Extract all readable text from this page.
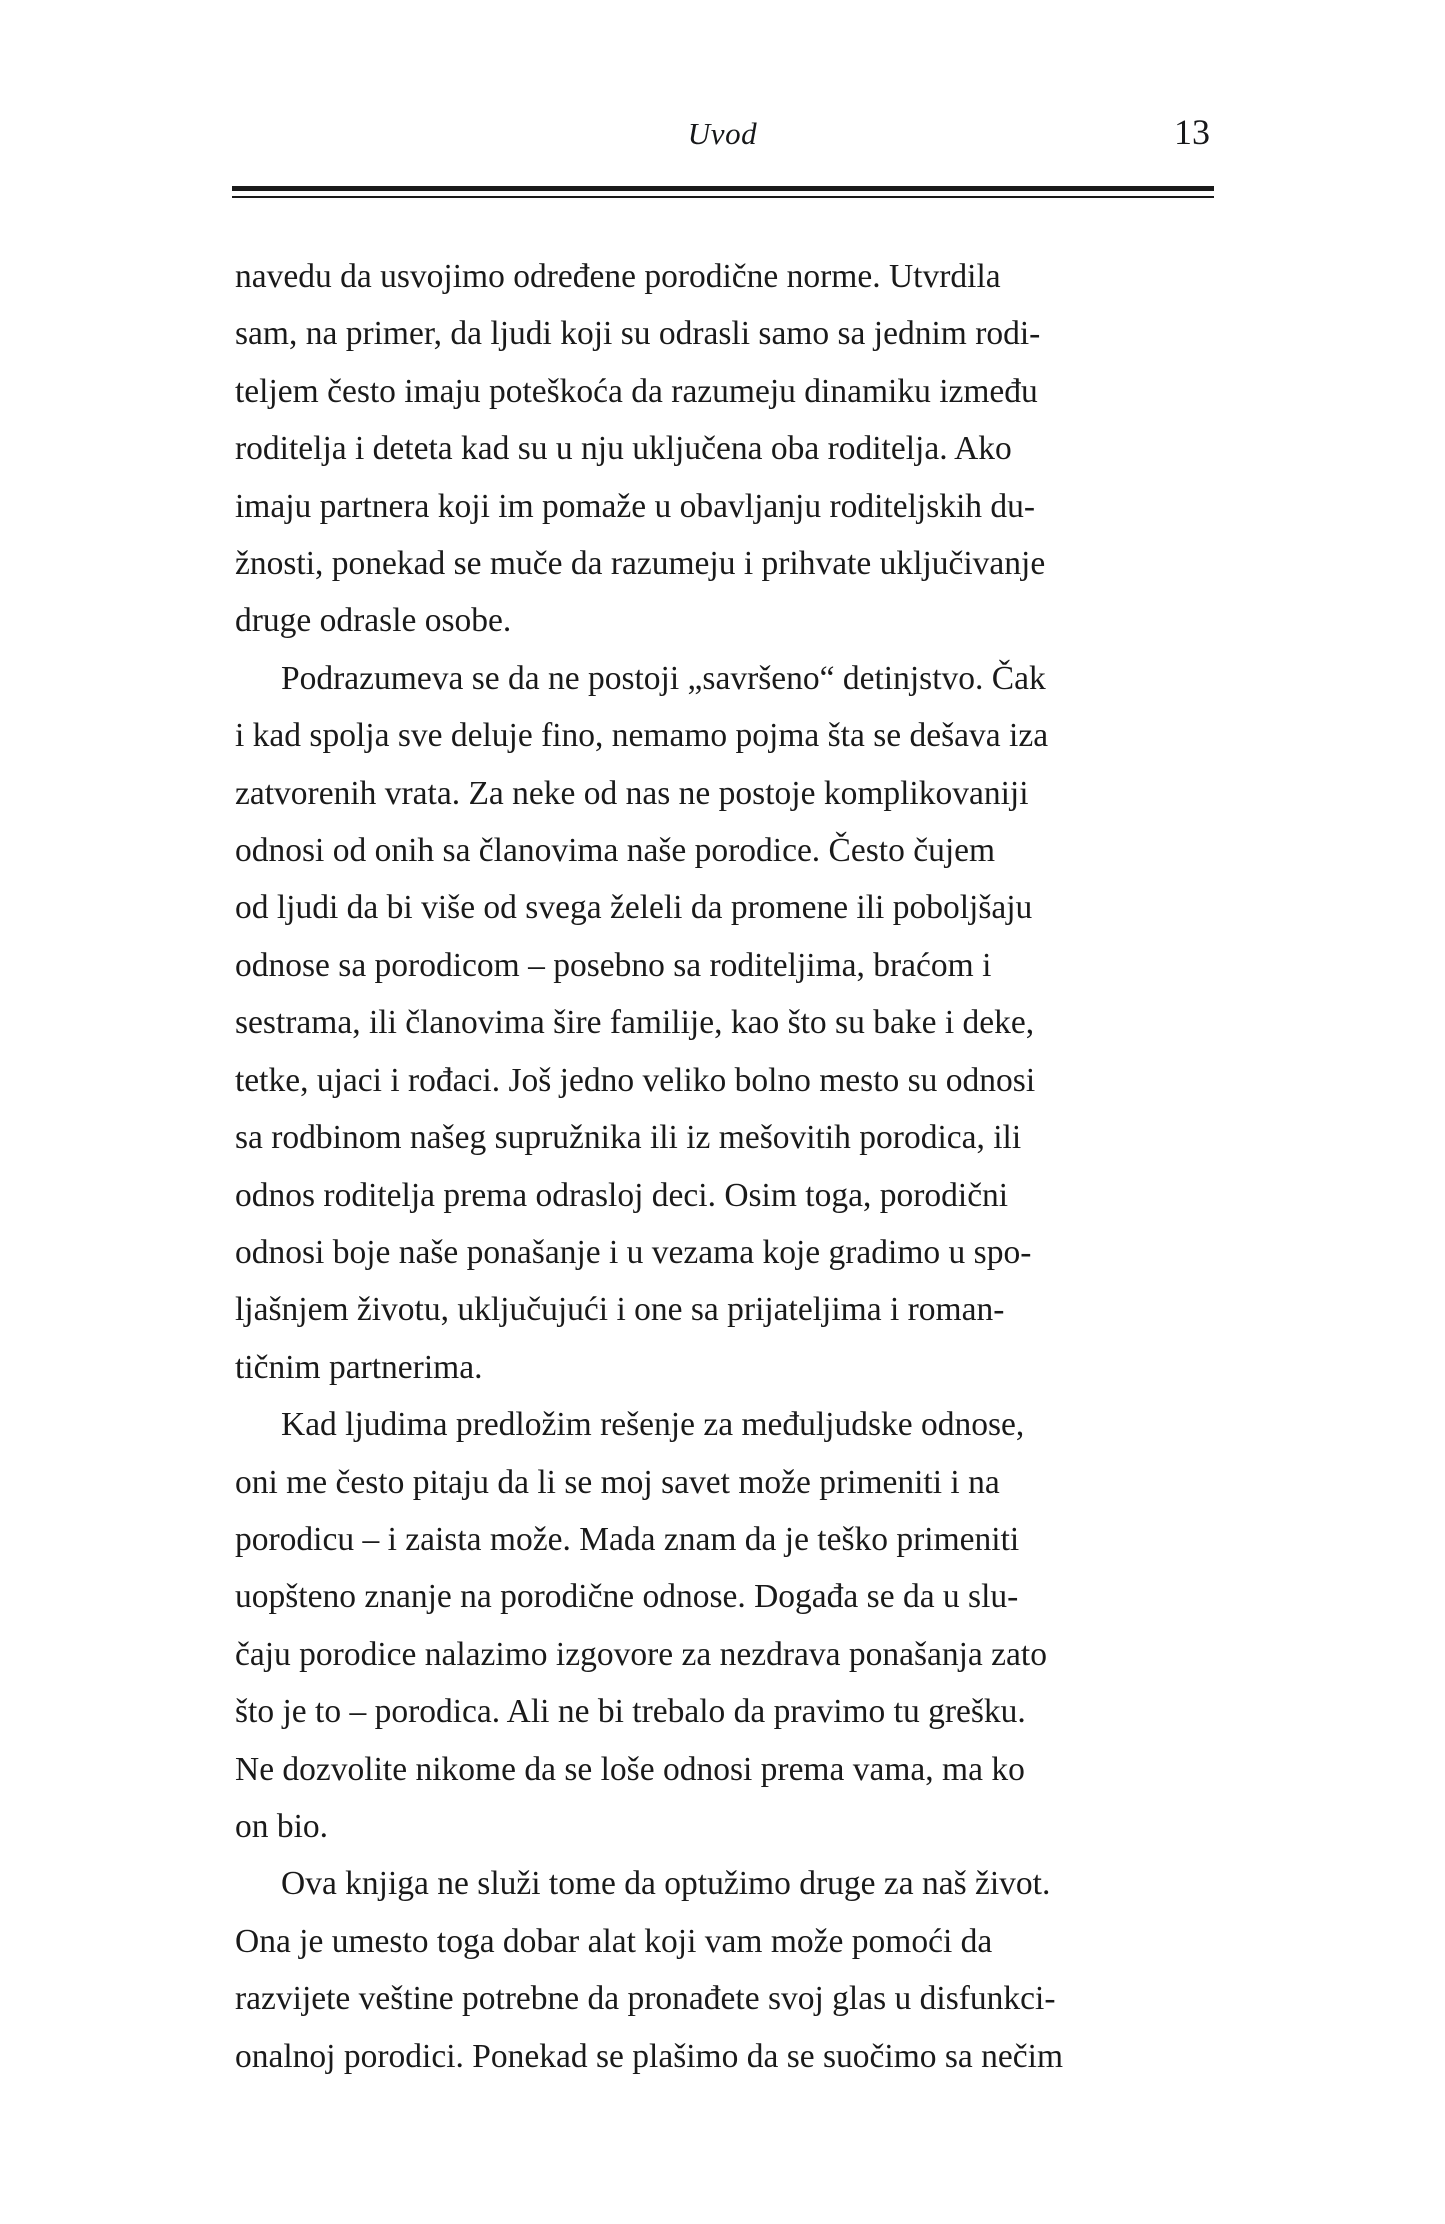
Uvod	13

navedu da usvojimo određene porodične norme. Utvrdila
sam, na primer, da ljudi koji su odrasli samo sa jednim rodi-
teljem često imaju poteškoća da razumeju dinamiku između
roditelja i deteta kad su u nju uključena oba roditelja. Ako
imaju partnera koji im pomaže u obavljanju roditeljskih du-
žnosti, ponekad se muče da razumeju i prihvate uključivanje
druge odrasle osobe.

Podrazumeva se da ne postoji „savršeno“ detinjstvo. Čak
i kad spolja sve deluje fino, nemamo pojma šta se dešava iza
zatvorenih vrata. Za neke od nas ne postoje komplikovaniji
odnosi od onih sa članovima naše porodice. Često čujem
od ljudi da bi više od svega želeli da promene ili poboljšaju
odnose sa porodicom – posebno sa roditeljima, braćom i
sestrama, ili članovima šire familije, kao što su bake i deke,
tetke, ujaci i rođaci. Još jedno veliko bolno mesto su odnosi
sa rodbinom našeg supružnika ili iz mešovitih porodica, ili
odnos roditelja prema odrasloj deci. Osim toga, porodični
odnosi boje naše ponašanje i u vezama koje gradimo u spo-
ljašnjem životu, uključujući i one sa prijateljima i roman-
tičnim partnerima.

Kad ljudima predložim rešenje za međuljudske odnose,
oni me često pitaju da li se moj savet može primeniti i na
porodicu – i zaista može. Mada znam da je teško primeniti
uopšteno znanje na porodične odnose. Događa se da u slu-
čaju porodice nalazimo izgovore za nezdrava ponašanja zato
što je to – porodica. Ali ne bi trebalo da pravimo tu grešku.
Ne dozvolite nikome da se loše odnosi prema vama, ma ko
on bio.

Ova knjiga ne služi tome da optužimo druge za naš život.
Ona je umesto toga dobar alat koji vam može pomoći da
razvijete veštine potrebne da pronađete svoj glas u disfunkci-
onalnoj porodici. Ponekad se plašimo da se suočimo sa nečim
